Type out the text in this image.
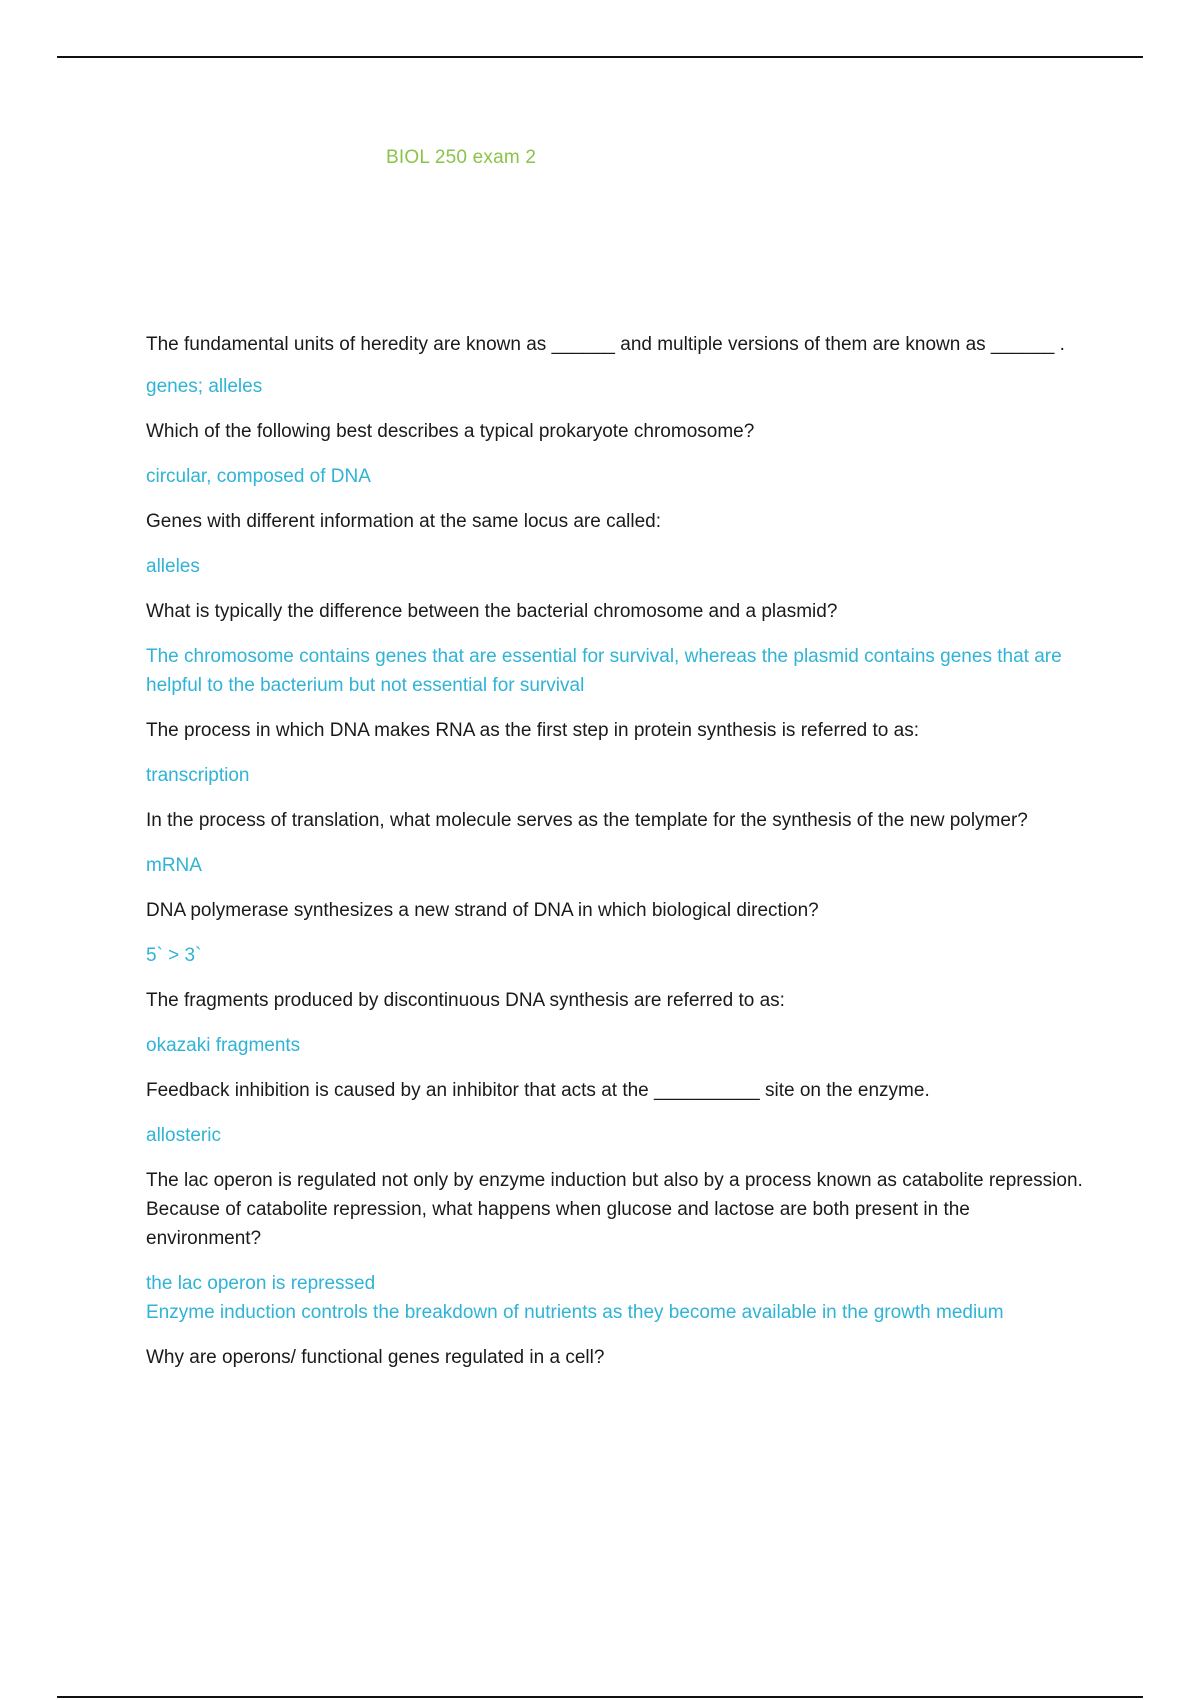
BIOL 250 exam 2
The fundamental units of heredity are known as ______ and multiple versions of them are known as ______ .
genes; alleles
Which of the following best describes a typical prokaryote chromosome?
circular, composed of DNA
Genes with different information at the same locus are called:
alleles
What is typically the difference between the bacterial chromosome and a plasmid?
The chromosome contains genes that are essential for survival, whereas the plasmid contains genes that are helpful to the bacterium but not essential for survival
The process in which DNA makes RNA as the first step in protein synthesis is referred to as:
transcription
In the process of translation, what molecule serves as the template for the synthesis of the new polymer?
mRNA
DNA polymerase synthesizes a new strand of DNA in which biological direction?
5` > 3`
The fragments produced by discontinuous DNA synthesis are referred to as:
okazaki fragments
Feedback inhibition is caused by an inhibitor that acts at the __________ site on the enzyme.
allosteric
The lac operon is regulated not only by enzyme induction but also by a process known as catabolite repression. Because of catabolite repression, what happens when glucose and lactose are both present in the environment?
the lac operon is repressed
Enzyme induction controls the breakdown of nutrients as they become available in the growth medium
Why are operons/ functional genes regulated in a cell?
